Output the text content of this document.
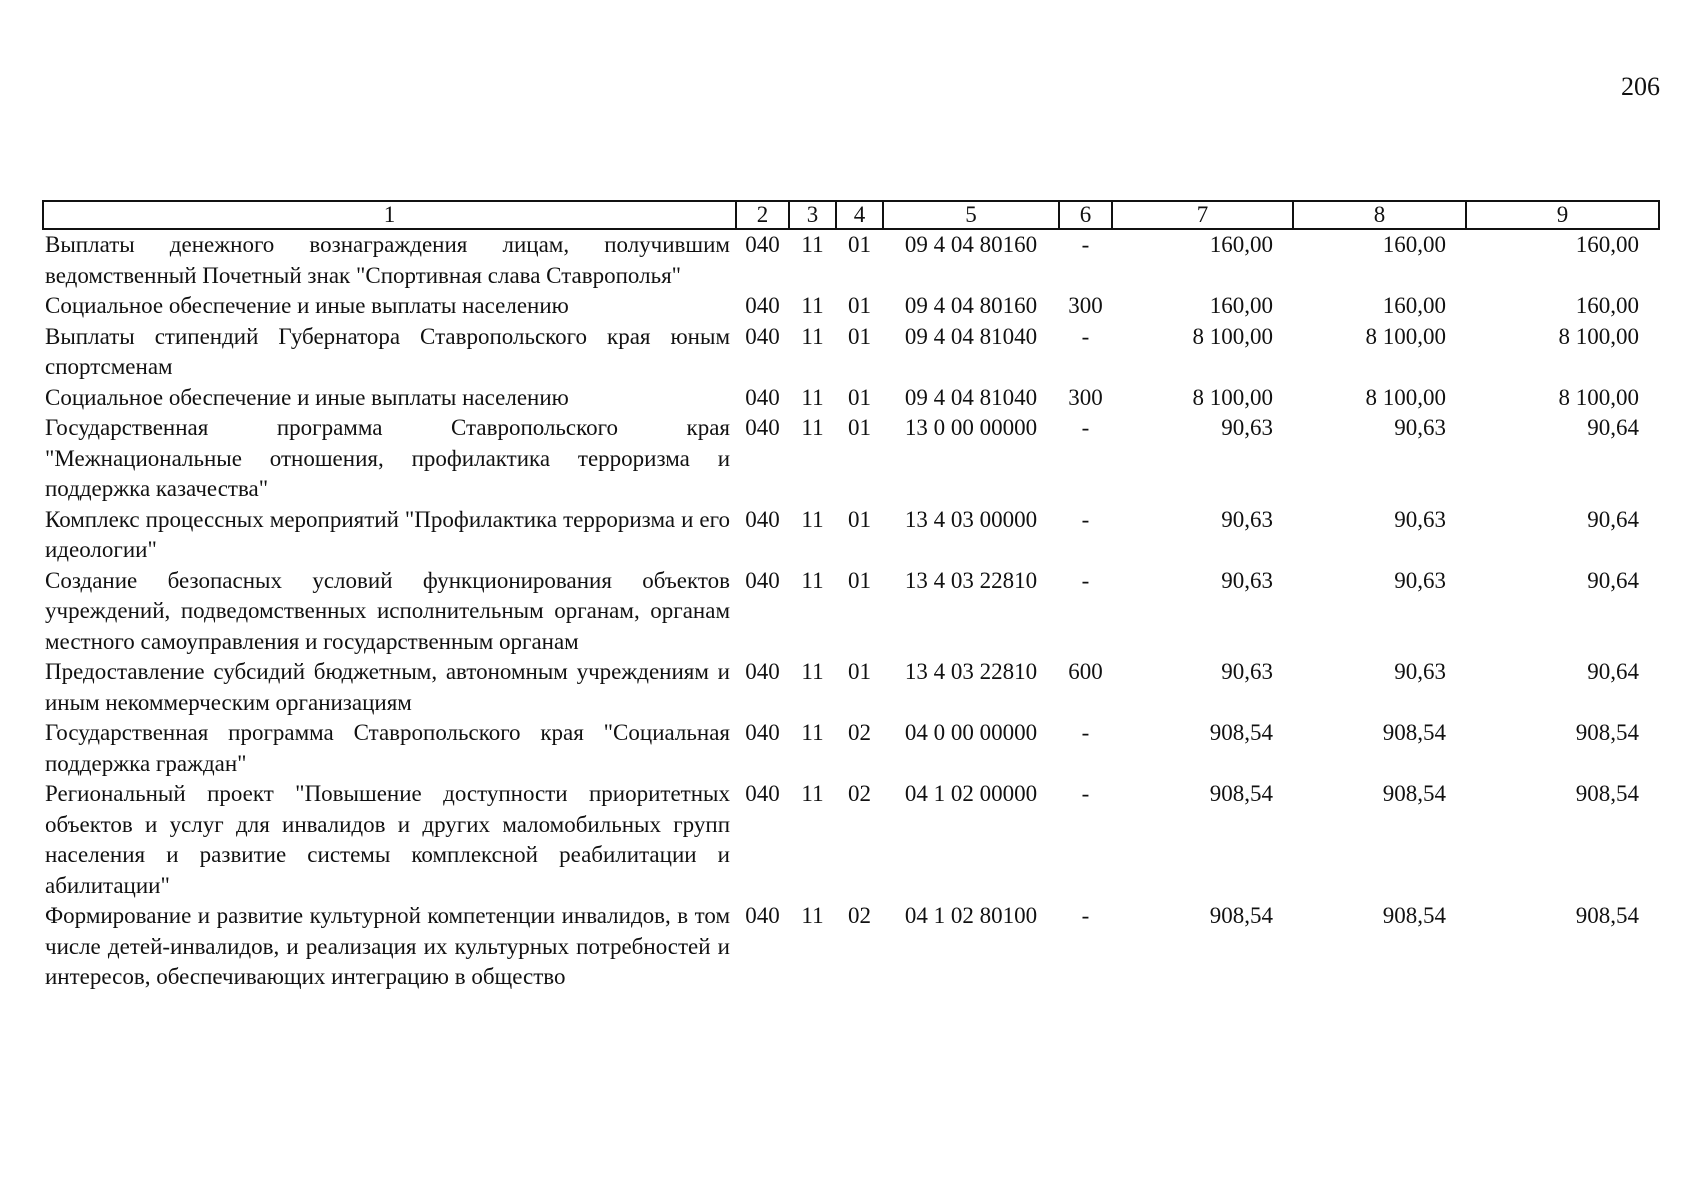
206
1	2	3	4	5	6	7	8	9
Выплаты денежного вознаграждения лицам, получившим ведомственный Почетный знак "Спортивная слава Ставрополья"	040	11	01	09 4 04 80160	-	160,00	160,00	160,00
Социальное обеспечение и иные выплаты населению	040	11	01	09 4 04 80160	300	160,00	160,00	160,00
Выплаты стипендий Губернатора Ставропольского края юным спортсменам	040	11	01	09 4 04 81040	-	8 100,00	8 100,00	8 100,00
Социальное обеспечение и иные выплаты населению	040	11	01	09 4 04 81040	300	8 100,00	8 100,00	8 100,00
Государственная программа Ставропольского края "Межнациональные отношения, профилактика терроризма и поддержка казачества"	040	11	01	13 0 00 00000	-	90,63	90,63	90,64
Комплекс процессных мероприятий "Профилактика терроризма и его идеологии"	040	11	01	13 4 03 00000	-	90,63	90,63	90,64
Создание безопасных условий функционирования объектов учреждений, подведомственных исполнительным органам, органам местного самоуправления и государственным органам	040	11	01	13 4 03 22810	-	90,63	90,63	90,64
Предоставление субсидий бюджетным, автономным учреждениям и иным некоммерческим организациям	040	11	01	13 4 03 22810	600	90,63	90,63	90,64
Государственная программа Ставропольского края "Социальная поддержка граждан"	040	11	02	04 0 00 00000	-	908,54	908,54	908,54
Региональный проект "Повышение доступности приоритетных объектов и услуг для инвалидов и других маломобильных групп населения и развитие системы комплексной реабилитации и абилитации"	040	11	02	04 1 02 00000	-	908,54	908,54	908,54
Формирование и развитие культурной компетенции инвалидов, в том числе детей-инвалидов, и реализация их культурных потребностей и интересов, обеспечивающих интеграцию в общество	040	11	02	04 1 02 80100	-	908,54	908,54	908,54
